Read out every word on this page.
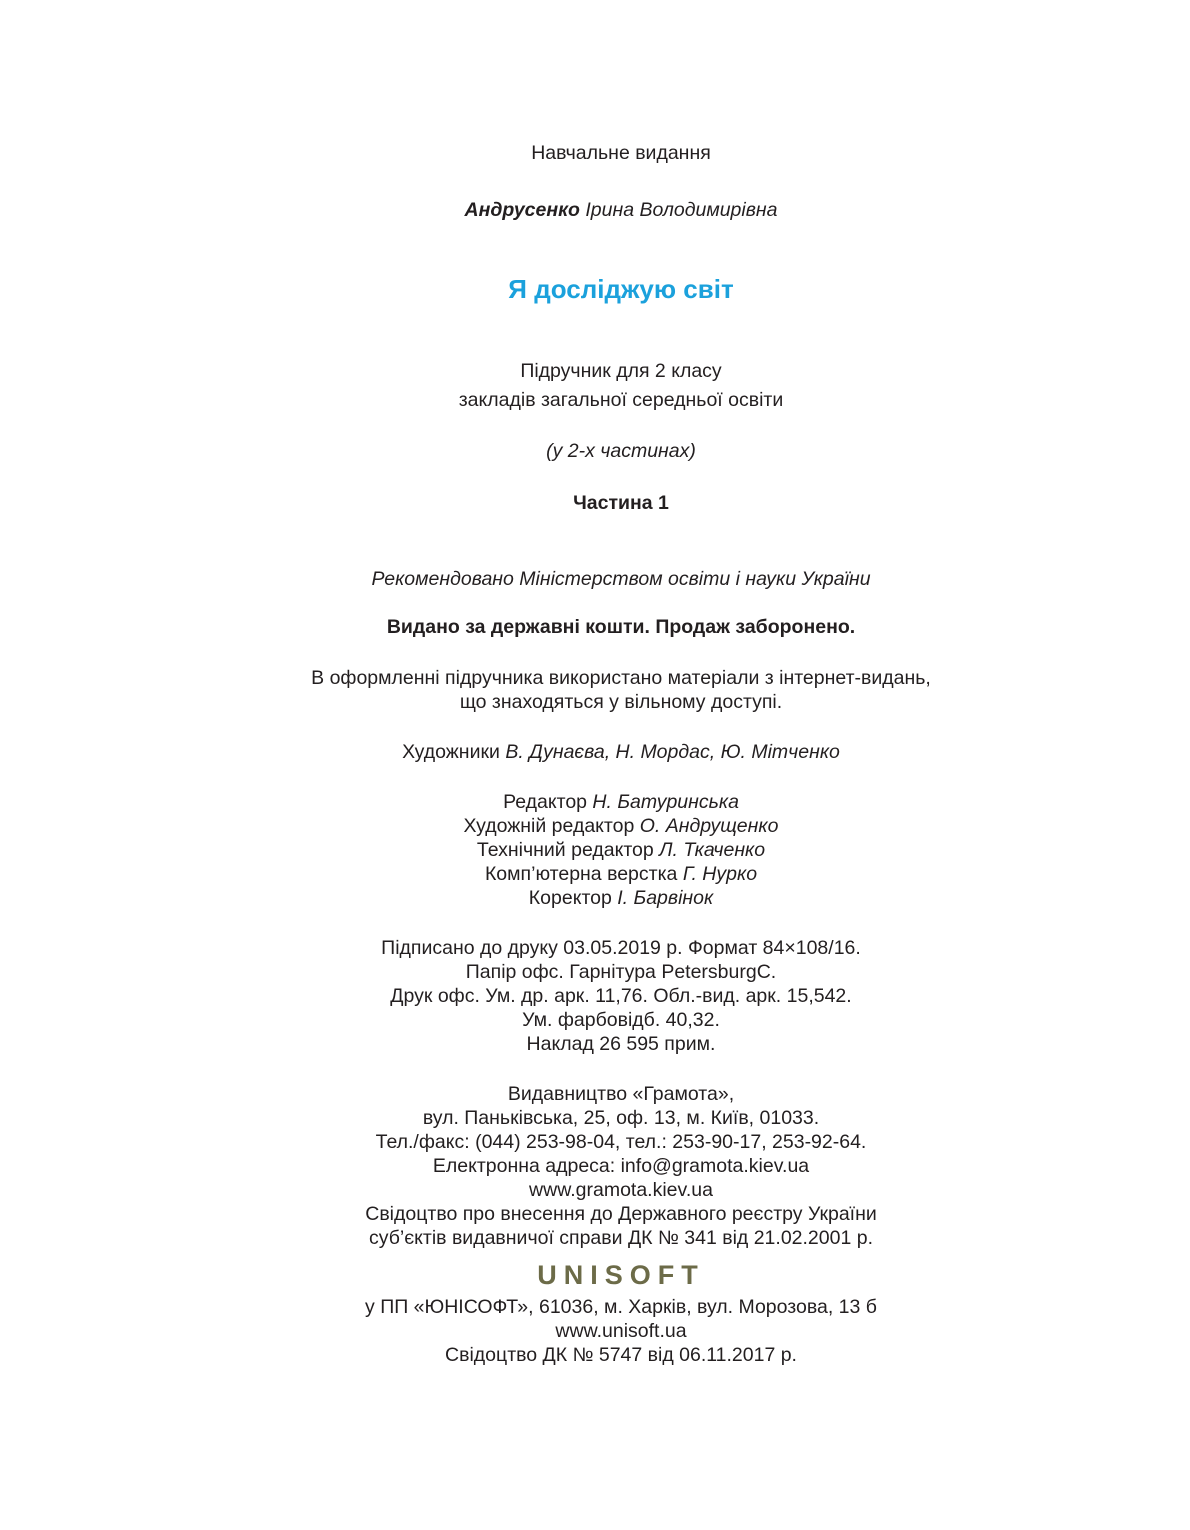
Навчальне видання

Андрусенко Ірина Володимирівна

Я досліджую світ

Підручник для 2 класу

закладів загальної середньої освіти

(у 2-х частинах)

Частина 1

Рекомендовано Міністерством освіти і науки України

Видано за державні кошти. Продаж заборонено.

В оформленні підручника використано матеріали з інтернет-видань,

що знаходяться у вільному доступі.

Художники В. Дунаєва, Н. Мордас, Ю. Мітченко

Редактор Н. Батуринська

Художній редактор О. Андрущенко

Технічний редактор Л. Ткаченко

Комп’ютерна верстка Г. Нурко

Коректор І. Барвінок

Підписано до друку 03.05.2019 р. Формат 84×108/16.

Папір офс. Гарнітура PetersburgC.

Друк офс. Ум. др. арк. 11,76. Обл.-вид. арк. 15,542.

Ум. фарбовідб. 40,32.

Наклад 26 595 прим.

Видавництво «Грамота»,

вул. Паньківська, 25, оф. 13, м. Київ, 01033.

Тел./факс: (044) 253-98-04, тел.: 253-90-17, 253-92-64.

Електронна адреса: info@gramota.kiev.ua

www.gramota.kiev.ua

Свідоцтво про внесення до Державного реєстру України

суб’єктів видавничої справи ДК № 341 від 21.02.2001 р.

UNISOFT

у ПП «ЮНІСОФТ», 61036, м. Харків, вул. Морозова, 13 б

www.unisoft.ua

Свідоцтво ДК № 5747 від 06.11.2017 р.
